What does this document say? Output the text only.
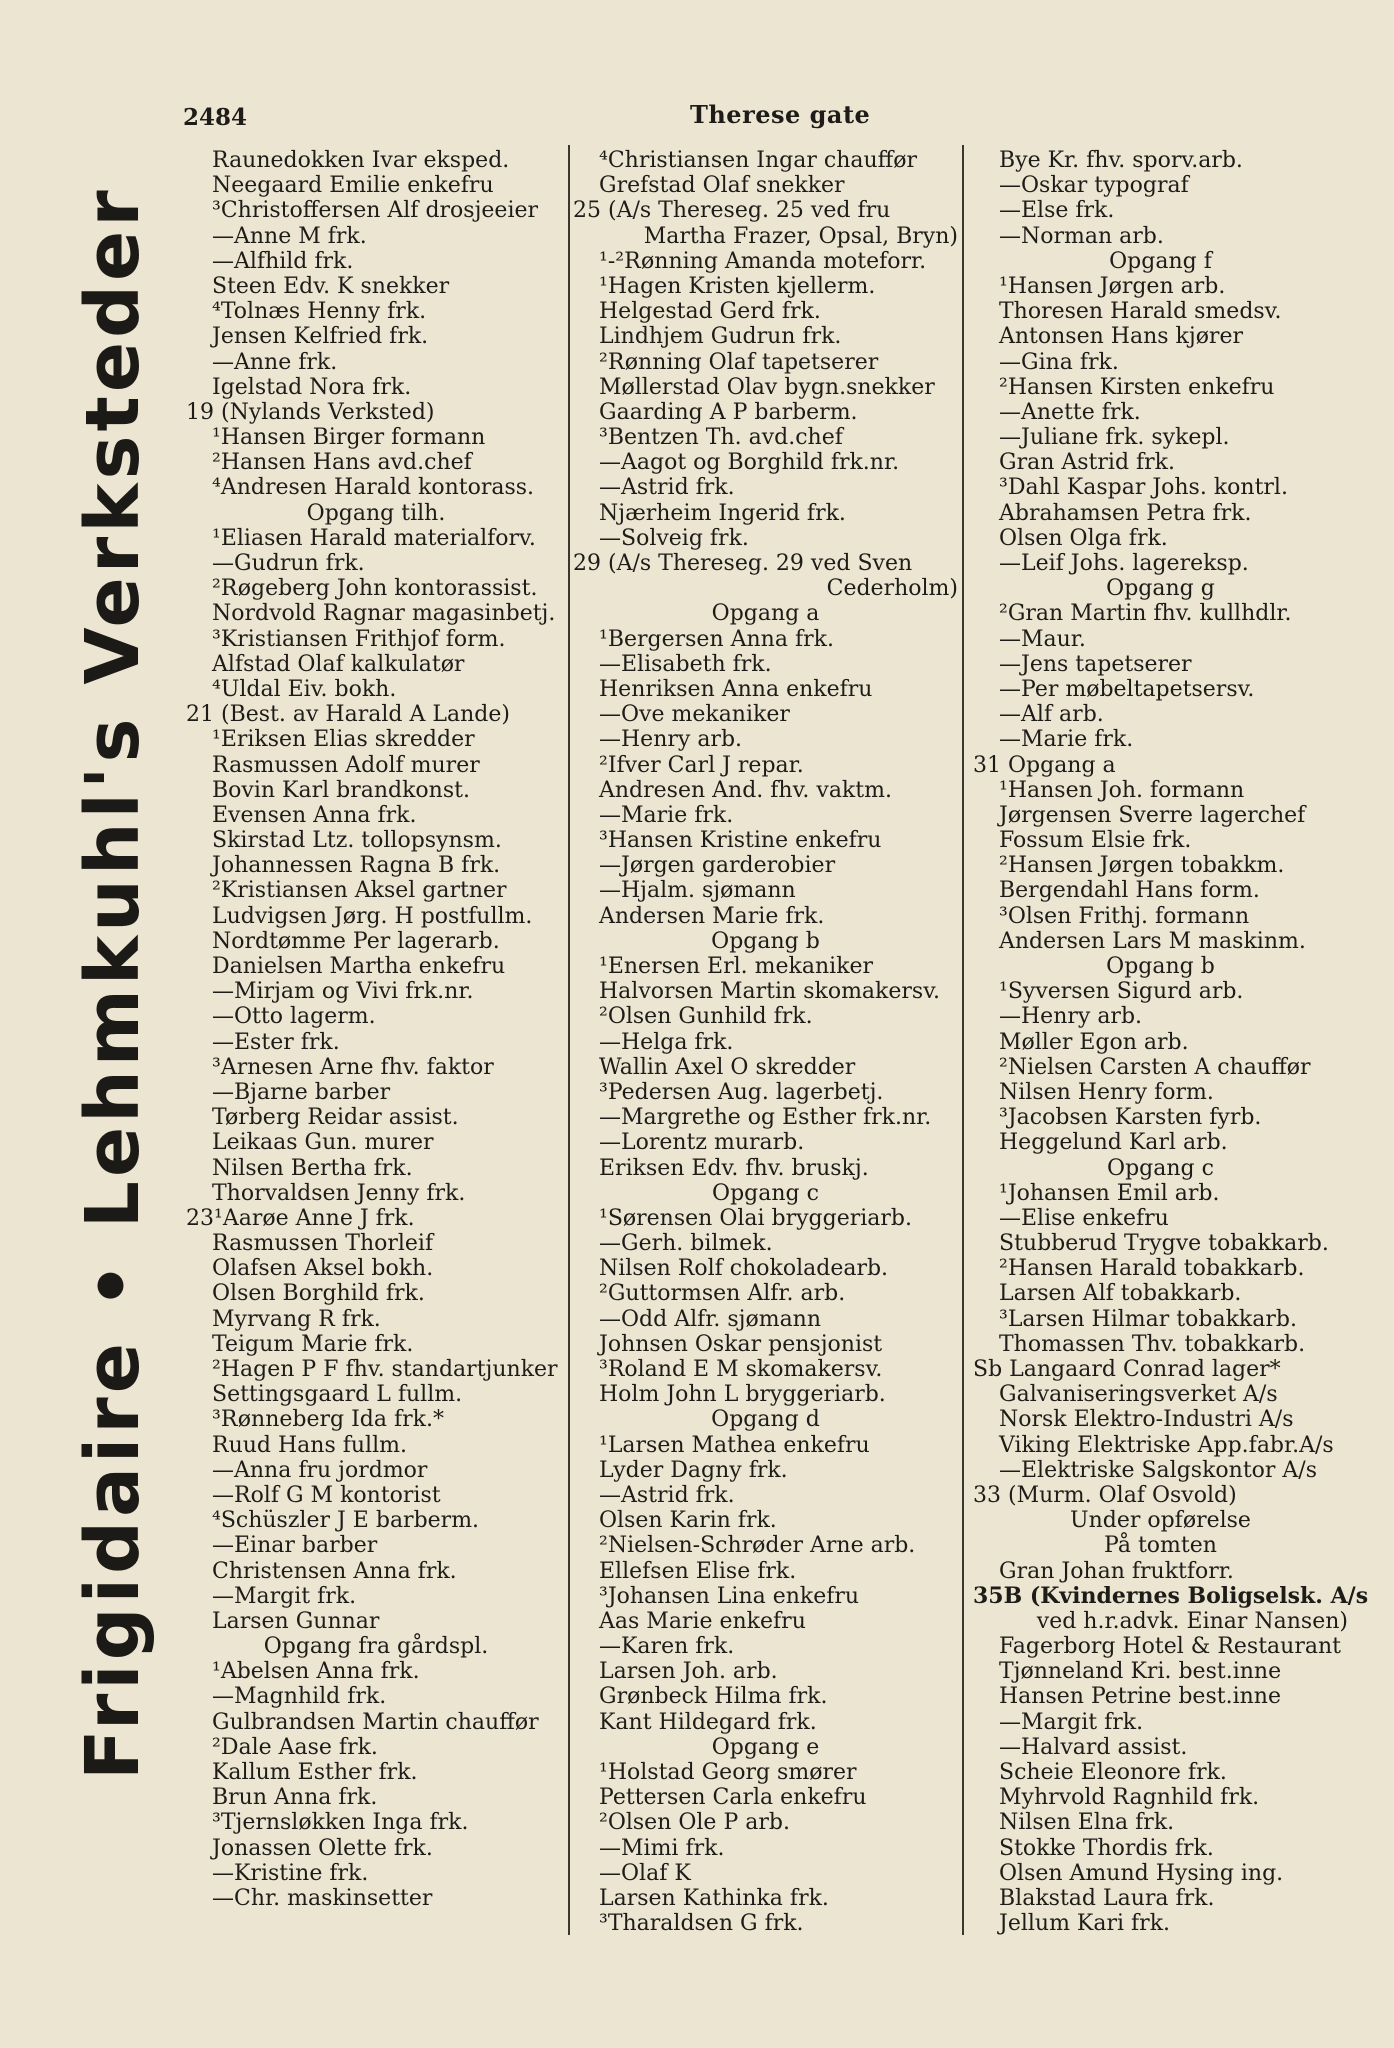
2484	Therese gate
Frigidaire • Lehmkuhl's Verksteder
Raunedokken Ivar eksped.
Neegaard Emilie enkefru
³Christoffersen Alf drosjeeier
—Anne M frk.
—Alfhild frk.
Steen Edv. K snekker
⁴Tolnæs Henny frk.
Jensen Kelfried frk.
—Anne frk.
Igelstad Nora frk.
19 (Nylands Verksted)
¹Hansen Birger formann
²Hansen Hans avd.chef
⁴Andresen Harald kontorass.
Opgang tilh.
¹Eliasen Harald materialforv.
—Gudrun frk.
²Røgeberg John kontorassist.
Nordvold Ragnar magasinbetj.
³Kristiansen Frithjof form.
Alfstad Olaf kalkulatør
⁴Uldal Eiv. bokh.
21 (Best. av Harald A Lande)
¹Eriksen Elias skredder
Rasmussen Adolf murer
Bovin Karl brandkonst.
Evensen Anna frk.
Skirstad Ltz. tollopsynsm.
Johannessen Ragna B frk.
²Kristiansen Aksel gartner
Ludvigsen Jørg. H postfullm.
Nordtømme Per lagerarb.
Danielsen Martha enkefru
—Mirjam og Vivi frk.nr.
—Otto lagerm.
—Ester frk.
³Arnesen Arne fhv. faktor
—Bjarne barber
Tørberg Reidar assist.
Leikaas Gun. murer
Nilsen Bertha frk.
Thorvaldsen Jenny frk.
23¹Aarøe Anne J frk.
Rasmussen Thorleif
Olafsen Aksel bokh.
Olsen Borghild frk.
Myrvang R frk.
Teigum Marie frk.
²Hagen P F fhv. standartjunker
Settingsgaard L fullm.
³Rønneberg Ida frk.*
Ruud Hans fullm.
—Anna fru jordmor
—Rolf G M kontorist
⁴Schüszler J E barberm.
—Einar barber
Christensen Anna frk.
—Margit frk.
Larsen Gunnar
Opgang fra gårdspl.
¹Abelsen Anna frk.
—Magnhild frk.
Gulbrandsen Martin chauffør
²Dale Aase frk.
Kallum Esther frk.
Brun Anna frk.
³Tjernsløkken Inga frk.
Jonassen Olette frk.
—Kristine frk.
—Chr. maskinsetter
⁴Christiansen Ingar chauffør
Grefstad Olaf snekker
25 (A/s Thereseg. 25 ved fru
Martha Frazer, Opsal, Bryn)
¹‐²Rønning Amanda moteforr.
¹Hagen Kristen kjellerm.
Helgestad Gerd frk.
Lindhjem Gudrun frk.
²Rønning Olaf tapetserer
Møllerstad Olav bygn.snekker
Gaarding A P barberm.
³Bentzen Th. avd.chef
—Aagot og Borghild frk.nr.
—Astrid frk.
Njærheim Ingerid frk.
—Solveig frk.
29 (A/s Thereseg. 29 ved Sven
Cederholm)
Opgang a
¹Bergersen Anna frk.
—Elisabeth frk.
Henriksen Anna enkefru
—Ove mekaniker
—Henry arb.
²Ifver Carl J repar.
Andresen And. fhv. vaktm.
—Marie frk.
³Hansen Kristine enkefru
—Jørgen garderobier
—Hjalm. sjømann
Andersen Marie frk.
Opgang b
¹Enersen Erl. mekaniker
Halvorsen Martin skomakersv.
²Olsen Gunhild frk.
—Helga frk.
Wallin Axel O skredder
³Pedersen Aug. lagerbetj.
—Margrethe og Esther frk.nr.
—Lorentz murarb.
Eriksen Edv. fhv. bruskj.
Opgang c
¹Sørensen Olai bryggeriarb.
—Gerh. bilmek.
Nilsen Rolf chokoladearb.
²Guttormsen Alfr. arb.
—Odd Alfr. sjømann
Johnsen Oskar pensjonist
³Roland E M skomakersv.
Holm John L bryggeriarb.
Opgang d
¹Larsen Mathea enkefru
Lyder Dagny frk.
—Astrid frk.
Olsen Karin frk.
²Nielsen-Schrøder Arne arb.
Ellefsen Elise frk.
³Johansen Lina enkefru
Aas Marie enkefru
—Karen frk.
Larsen Joh. arb.
Grønbeck Hilma frk.
Kant Hildegard frk.
Opgang e
¹Holstad Georg smører
Pettersen Carla enkefru
²Olsen Ole P arb.
—Mimi frk.
—Olaf K
Larsen Kathinka frk.
³Tharaldsen G frk.
Bye Kr. fhv. sporv.arb.
—Oskar typograf
—Else frk.
—Norman arb.
Opgang f
¹Hansen Jørgen arb.
Thoresen Harald smedsv.
Antonsen Hans kjører
—Gina frk.
²Hansen Kirsten enkefru
—Anette frk.
—Juliane frk. sykepl.
Gran Astrid frk.
³Dahl Kaspar Johs. kontrl.
Abrahamsen Petra frk.
Olsen Olga frk.
—Leif Johs. lagereksp.
Opgang g
²Gran Martin fhv. kullhdlr.
—Maur.
—Jens tapetserer
—Per møbeltapetsersv.
—Alf arb.
—Marie frk.
31 Opgang a
¹Hansen Joh. formann
Jørgensen Sverre lagerchef
Fossum Elsie frk.
²Hansen Jørgen tobakkm.
Bergendahl Hans form.
³Olsen Frithj. formann
Andersen Lars M maskinm.
Opgang b
¹Syversen Sigurd arb.
—Henry arb.
Møller Egon arb.
²Nielsen Carsten A chauffør
Nilsen Henry form.
³Jacobsen Karsten fyrb.
Heggelund Karl arb.
Opgang c
¹Johansen Emil arb.
—Elise enkefru
Stubberud Trygve tobakkarb.
²Hansen Harald tobakkarb.
Larsen Alf tobakkarb.
³Larsen Hilmar tobakkarb.
Thomassen Thv. tobakkarb.
Sb Langaard Conrad lager*
Galvaniseringsverket A/s
Norsk Elektro-Industri A/s
Viking Elektriske App.fabr.A/s
—Elektriske Salgskontor A/s
33 (Murm. Olaf Osvold)
Under opførelse
På tomten
Gran Johan fruktforr.
35B (Kvindernes Boligselsk. A/s
ved h.r.advk. Einar Nansen)
Fagerborg Hotel & Restaurant
Tjønneland Kri. best.inne
Hansen Petrine best.inne
—Margit frk.
—Halvard assist.
Scheie Eleonore frk.
Myhrvold Ragnhild frk.
Nilsen Elna frk.
Stokke Thordis frk.
Olsen Amund Hysing ing.
Blakstad Laura frk.
Jellum Kari frk.
